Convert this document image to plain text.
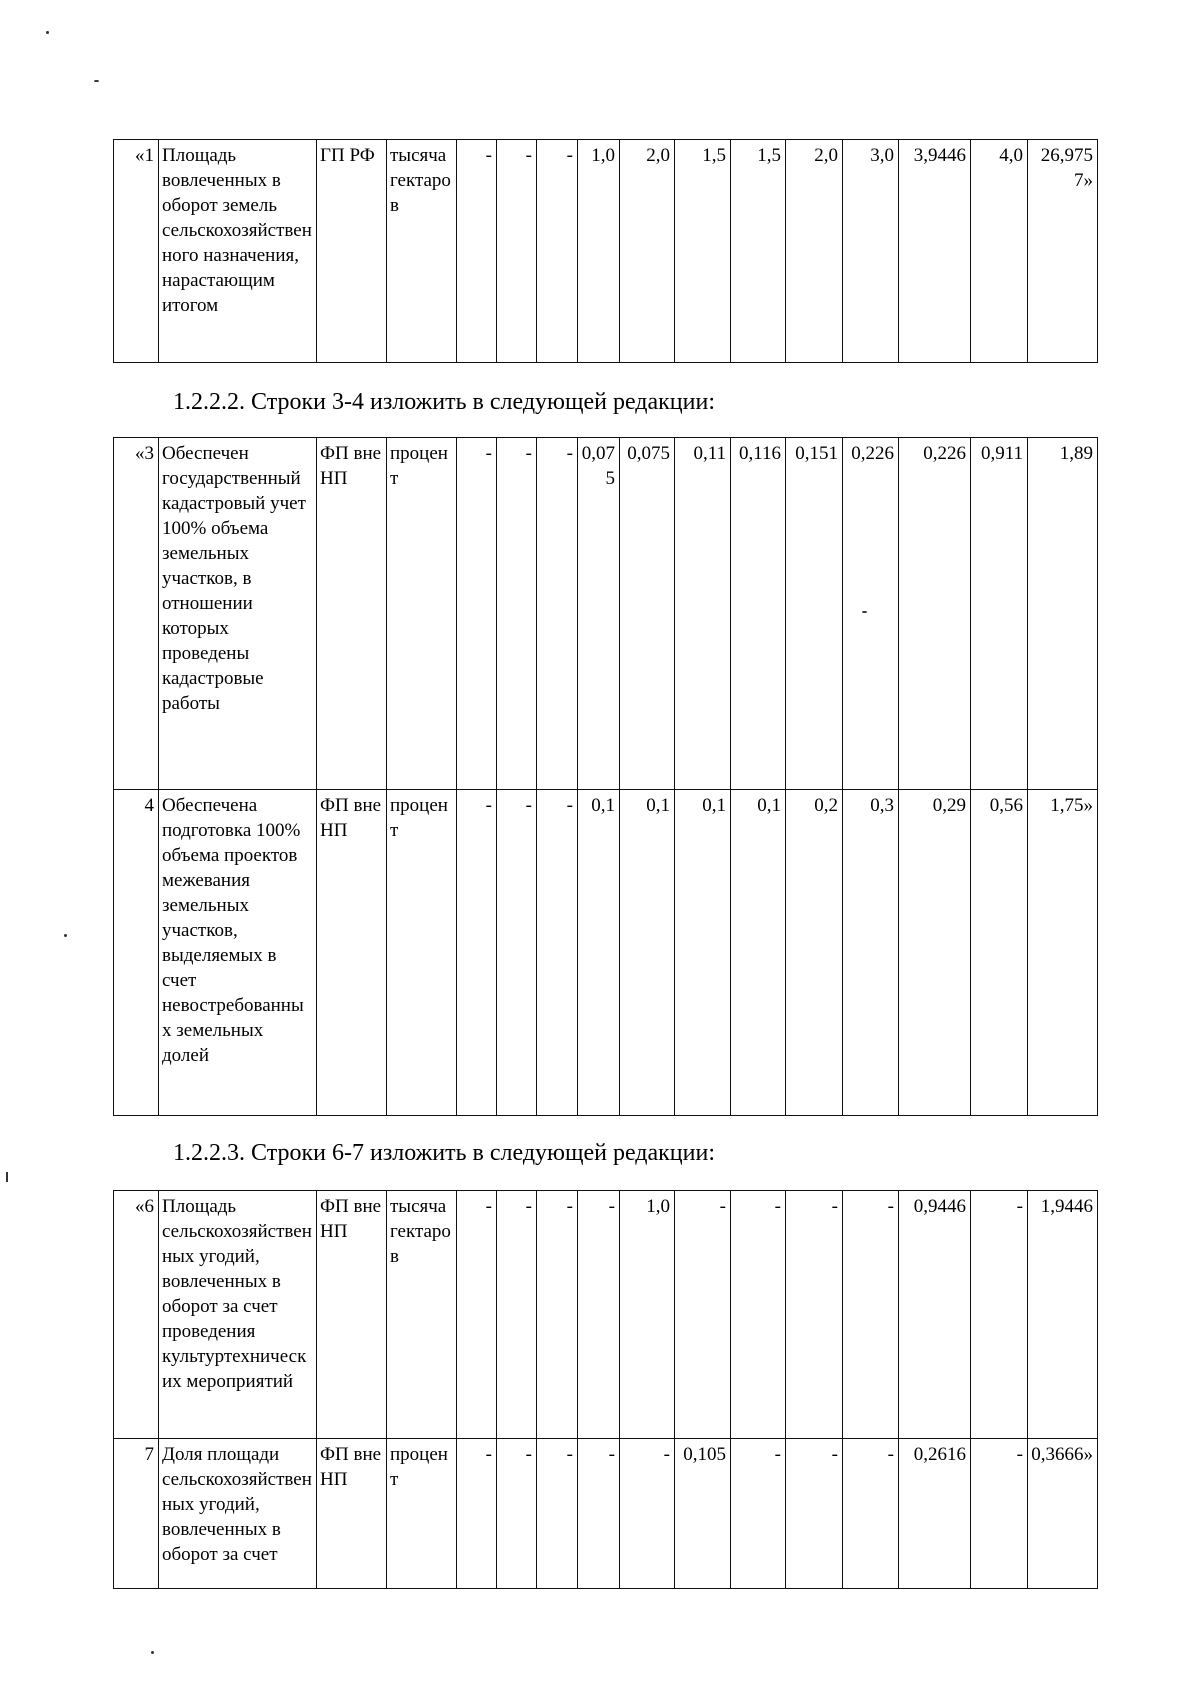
«1	Площадь вовлеченных в оборот земель сельскохозяйственного назначения, нарастающим итогом	ГП РФ	тысяча гектаров	-	-	-	1,0	2,0	1,5	1,5	2,0	3,0	3,9446	4,0	26,9757»
1.2.2.2. Строки 3-4 изложить в следующей редакции:
«3	Обеспечен государственный кадастровый учет 100% объема земельных участков, в отношении которых проведены кадастровые работы	ФП вне НП	процент	-	-	-	0,075	0,075	0,11	0,116	0,151	0,226	0,226	0,911	1,89
4	Обеспечена подготовка 100% объема проектов межевания земельных участков, выделяемых в счет невостребованных земельных долей	ФП вне НП	процент	-	-	-	0,1	0,1	0,1	0,1	0,2	0,3	0,29	0,56	1,75»
1.2.2.3. Строки 6-7 изложить в следующей редакции:
«6	Площадь сельскохозяйственных угодий, вовлеченных в оборот за счет проведения культуртехнических мероприятий	ФП вне НП	тысяча гектаров	-	-	-	-	1,0	-	-	-	-	0,9446	-	1,9446
7	Доля площади сельскохозяйственных угодий, вовлеченных в оборот за счет	ФП вне НП	процент	-	-	-	-	-	0,105	-	-	-	0,2616	-	0,3666»
